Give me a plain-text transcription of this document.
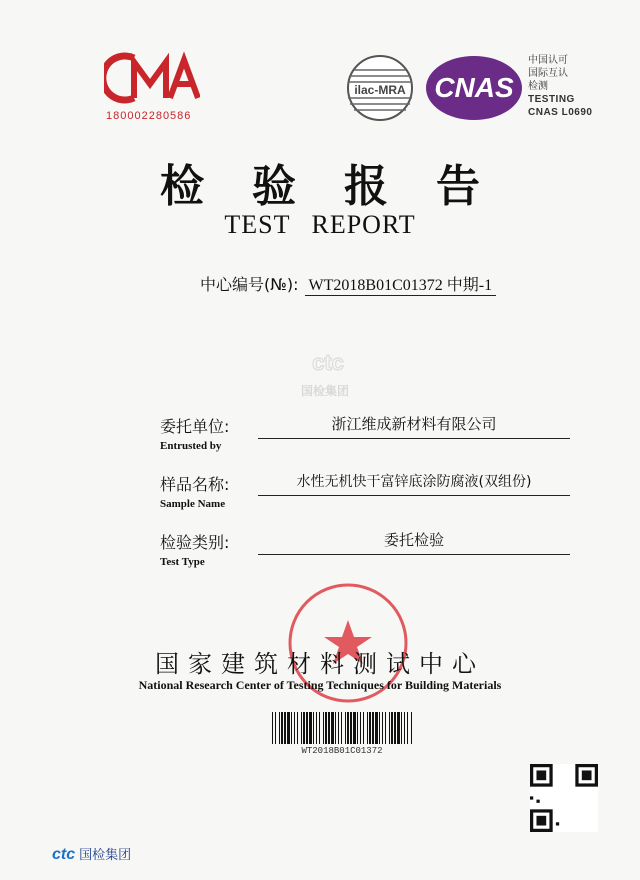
180002280586
ilac-MRA CNAS
中国认可
国际互认
检测
TESTING
CNAS L0690
检验报告
TEST REPORT
中心编号(№): WT2018B01C01372 中期-1
ctc
国检集团
委托单位:
Entrusted by
浙江维成新材料有限公司
样品名称:
Sample Name
水性无机快干富锌底涂防腐液(双组份)
检验类别:
Test Type
委托检验
国家建筑材料测试中心
National Research Center of Testing Techniques for Building Materials
WT2018B01C01372
ctc 国检集团
